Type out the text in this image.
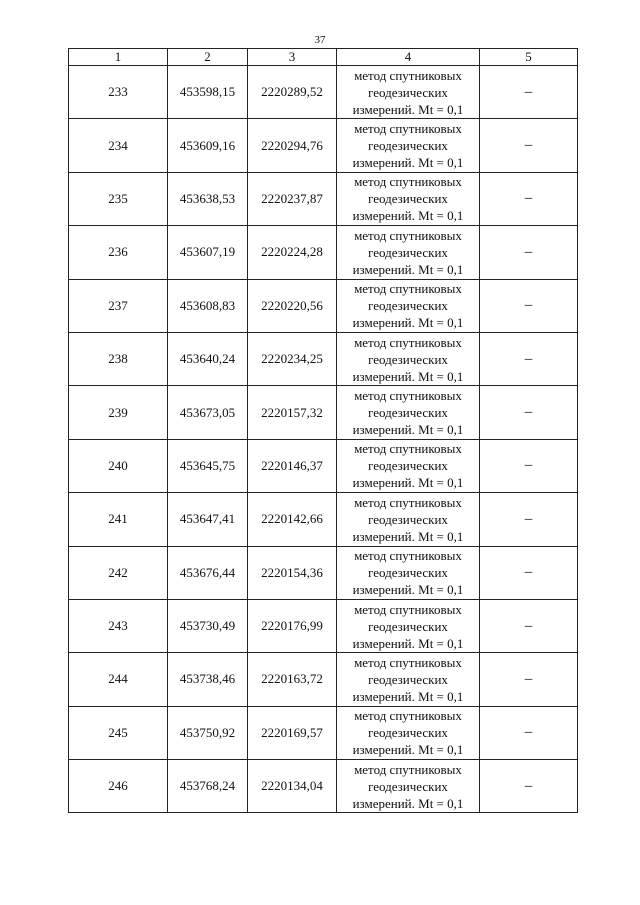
37
1	2	3	4	5
233	453598,15	2220289,52	метод спутниковых
геодезических
измерений. Mt = 0,1	–
234	453609,16	2220294,76	метод спутниковых
геодезических
измерений. Mt = 0,1	–
235	453638,53	2220237,87	метод спутниковых
геодезических
измерений. Mt = 0,1	–
236	453607,19	2220224,28	метод спутниковых
геодезических
измерений. Mt = 0,1	–
237	453608,83	2220220,56	метод спутниковых
геодезических
измерений. Mt = 0,1	–
238	453640,24	2220234,25	метод спутниковых
геодезических
измерений. Mt = 0,1	–
239	453673,05	2220157,32	метод спутниковых
геодезических
измерений. Mt = 0,1	–
240	453645,75	2220146,37	метод спутниковых
геодезических
измерений. Mt = 0,1	–
241	453647,41	2220142,66	метод спутниковых
геодезических
измерений. Mt = 0,1	–
242	453676,44	2220154,36	метод спутниковых
геодезических
измерений. Mt = 0,1	–
243	453730,49	2220176,99	метод спутниковых
геодезических
измерений. Mt = 0,1	–
244	453738,46	2220163,72	метод спутниковых
геодезических
измерений. Mt = 0,1	–
245	453750,92	2220169,57	метод спутниковых
геодезических
измерений. Mt = 0,1	–
246	453768,24	2220134,04	метод спутниковых
геодезических
измерений. Mt = 0,1	–
